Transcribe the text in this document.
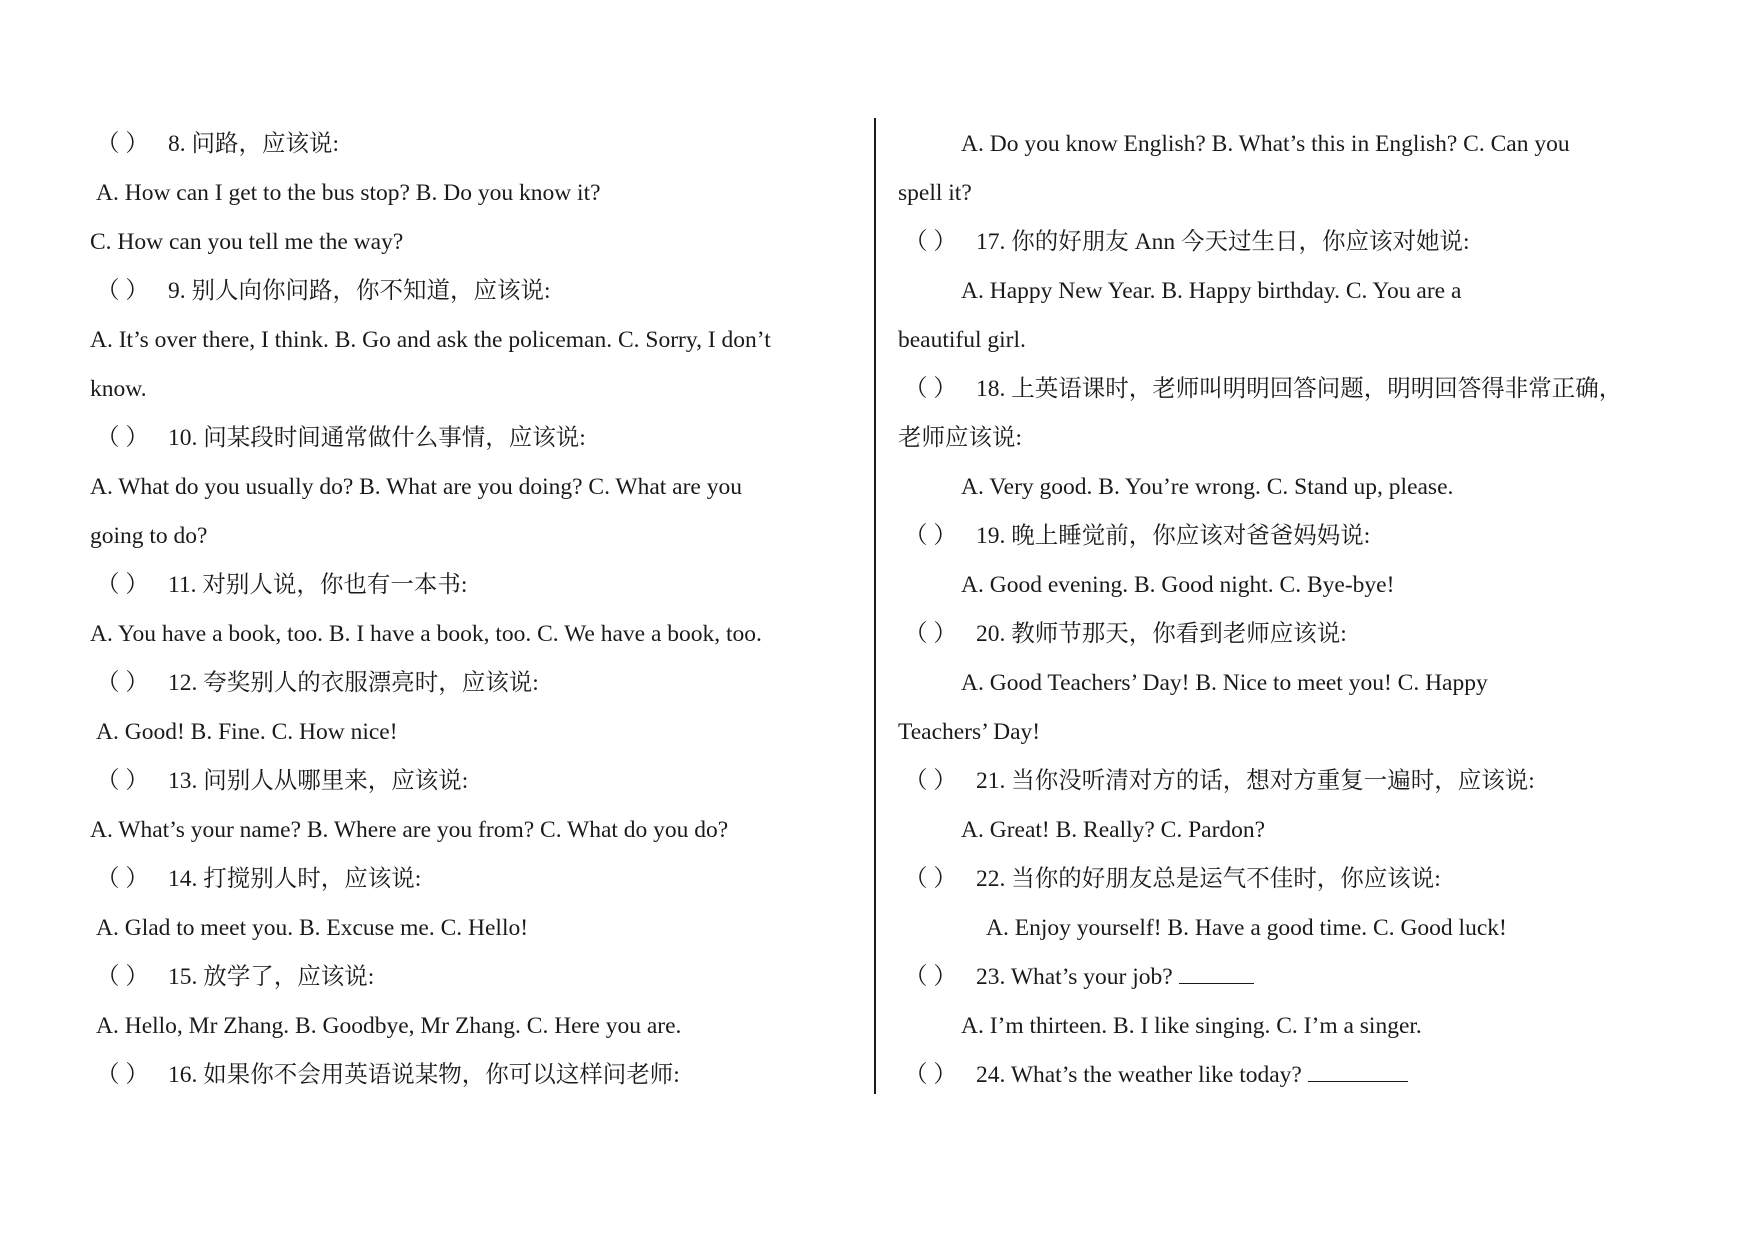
（ ） 8. 问路，应该说:
A. How can I get to the bus stop? B. Do you know it?
C. How can you tell me the way?
（ ） 9. 别人向你问路，你不知道，应该说:
A. It’s over there, I think. B. Go and ask the policeman. C. Sorry, I don’t
know.
（ ） 10. 问某段时间通常做什么事情，应该说:
A. What do you usually do? B. What are you doing? C. What are you
going to do?
（ ） 11. 对别人说，你也有一本书:
A. You have a book, too. B. I have a book, too. C. We have a book, too.
（ ） 12. 夸奖别人的衣服漂亮时，应该说:
A. Good! B. Fine. C. How nice!
（ ） 13. 问别人从哪里来，应该说:
A. What’s your name? B. Where are you from? C. What do you do?
（ ） 14. 打搅别人时，应该说:
A. Glad to meet you. B. Excuse me. C. Hello!
（ ） 15. 放学了，应该说:
A. Hello, Mr Zhang. B. Goodbye, Mr Zhang. C. Here you are.
（ ） 16. 如果你不会用英语说某物，你可以这样问老师:
A. Do you know English? B. What’s this in English? C. Can you
spell it?
（ ） 17. 你的好朋友 Ann 今天过生日，你应该对她说:
A. Happy New Year. B. Happy birthday. C. You are a
beautiful girl.
（ ） 18. 上英语课时，老师叫明明回答问题，明明回答得非常正确，
老师应该说:
A. Very good. B. You’re wrong. C. Stand up, please.
（ ） 19. 晚上睡觉前，你应该对爸爸妈妈说:
A. Good evening. B. Good night. C. Bye-bye!
（ ） 20. 教师节那天，你看到老师应该说:
A. Good Teachers’ Day! B. Nice to meet you! C. Happy
Teachers’ Day!
（ ） 21. 当你没听清对方的话，想对方重复一遍时，应该说:
A. Great! B. Really? C. Pardon?
（ ） 22. 当你的好朋友总是运气不佳时，你应该说:
A. Enjoy yourself! B. Have a good time. C. Good luck!
（ ） 23. What’s your job?
A. I’m thirteen. B. I like singing. C. I’m a singer.
（ ） 24. What’s the weather like today?
